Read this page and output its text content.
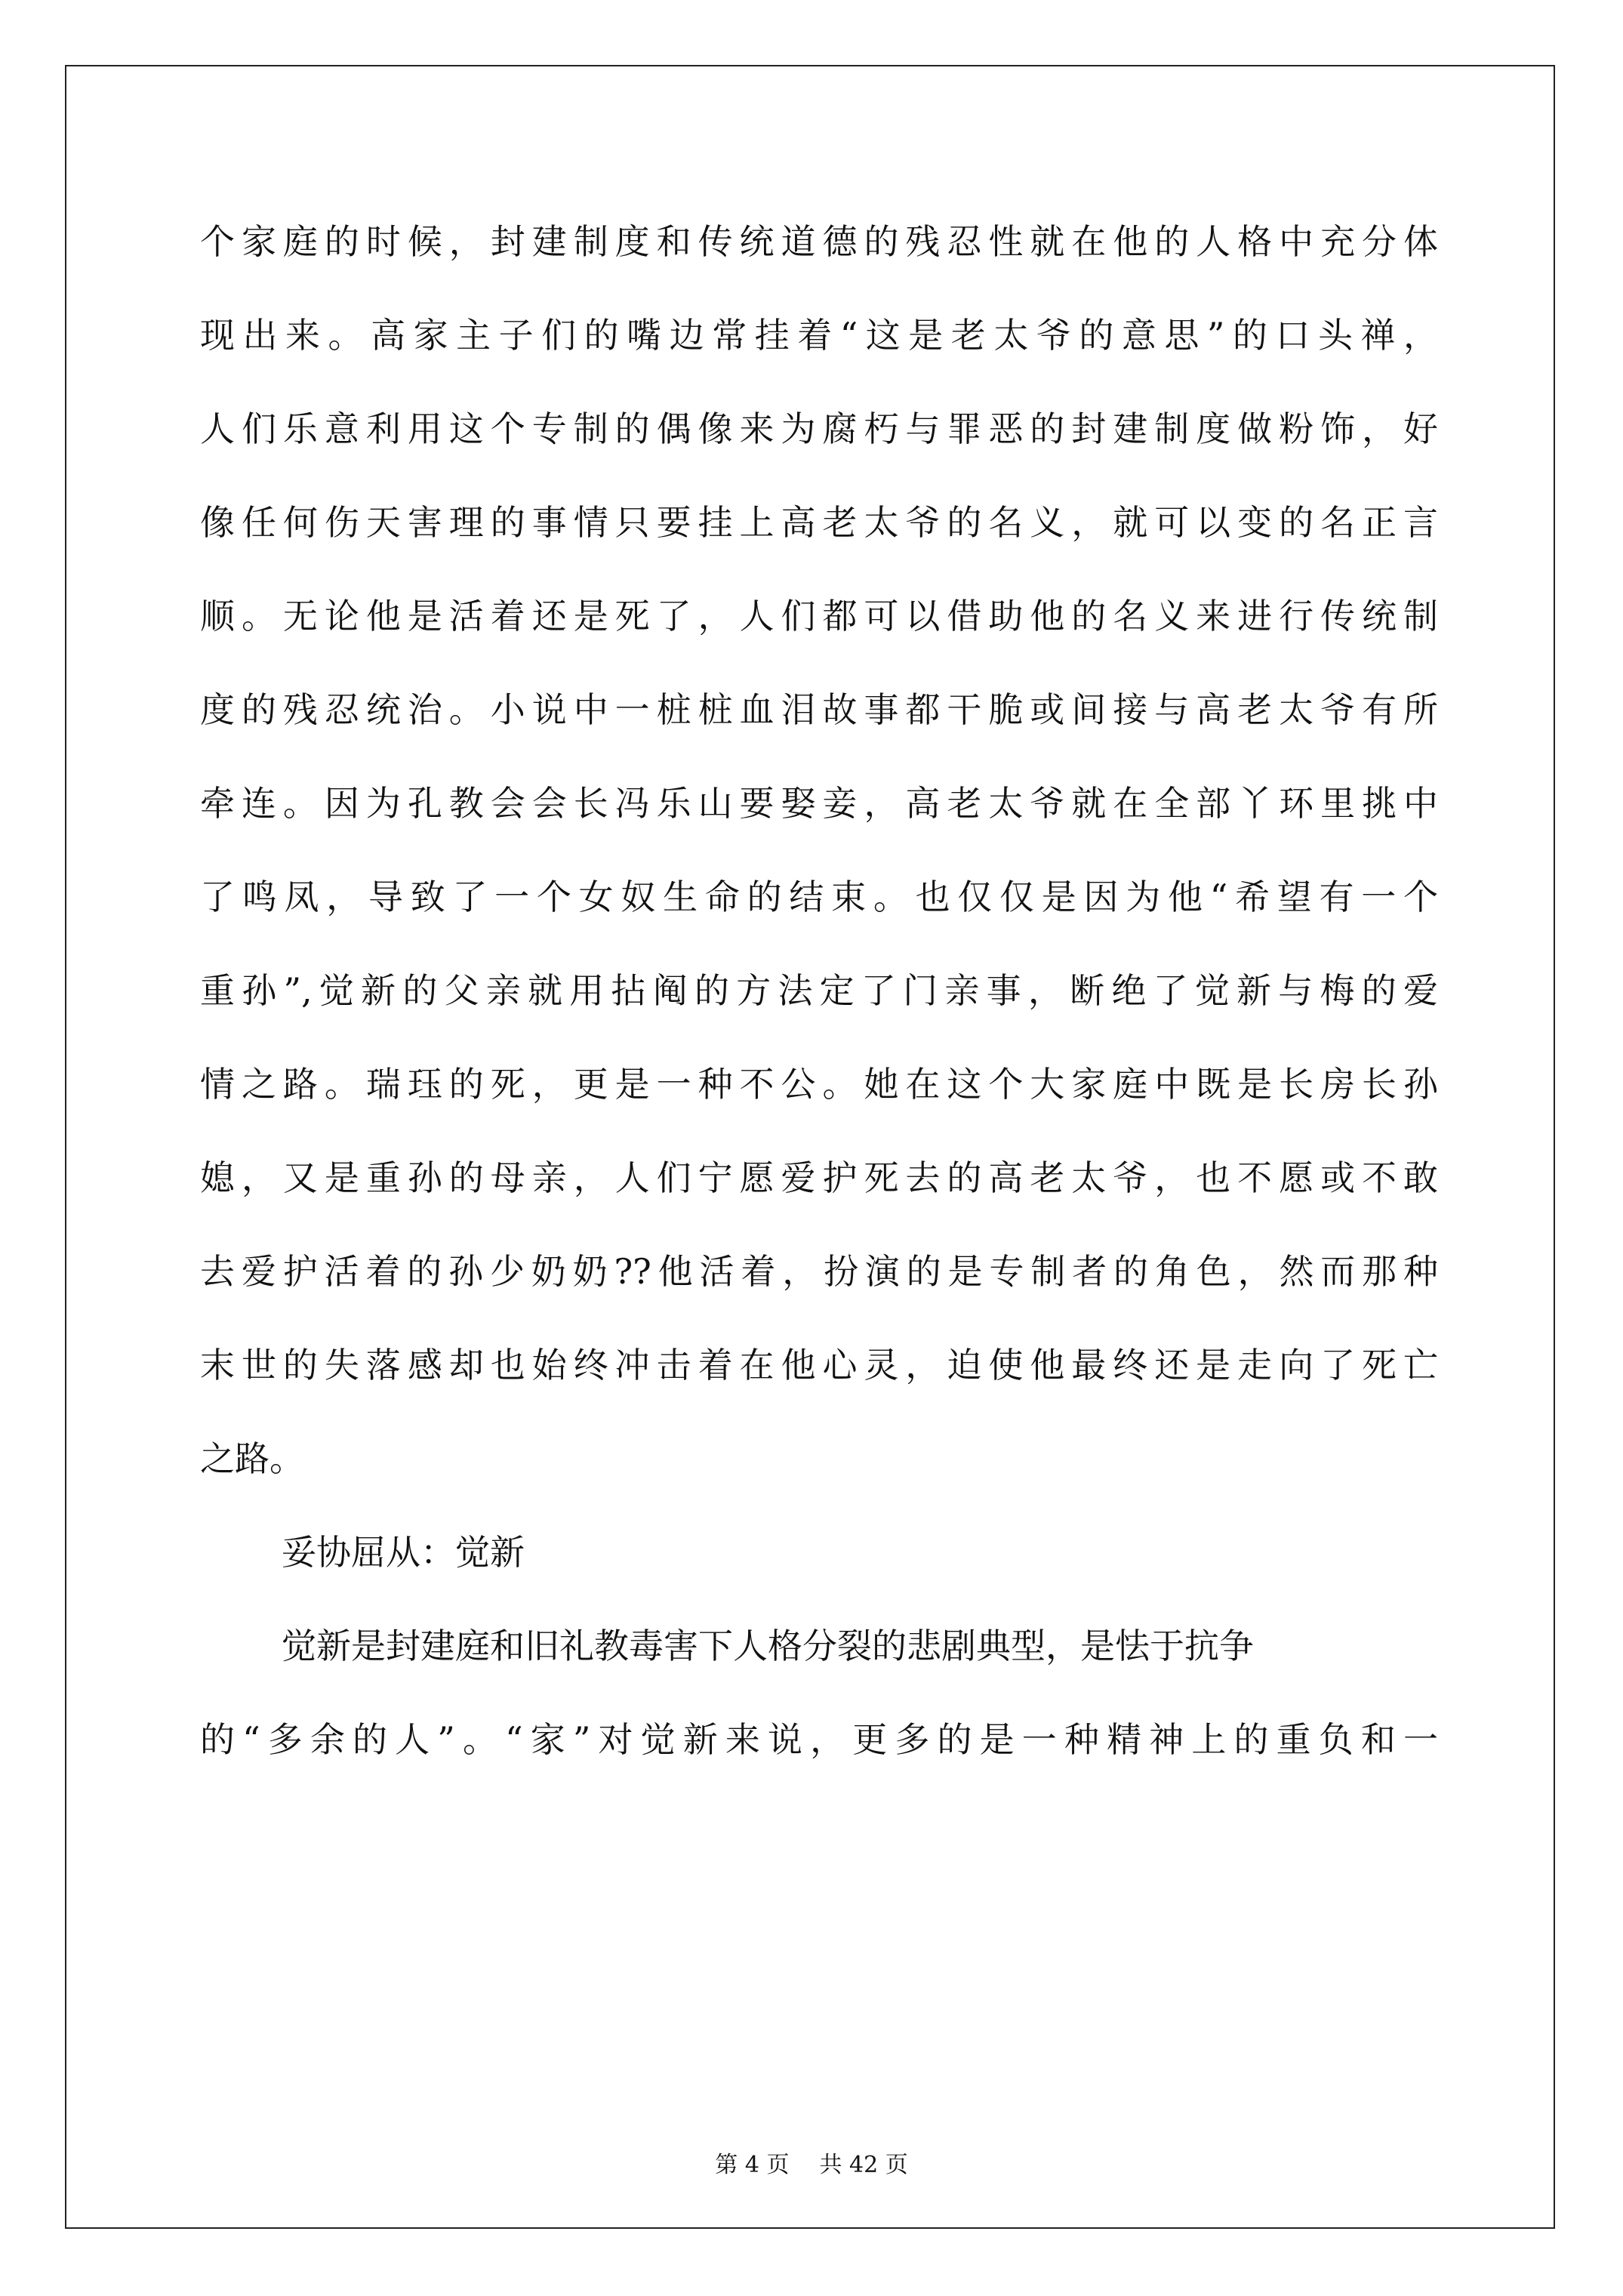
个家庭的时候，封建制度和传统道德的残忍性就在他的人格中充分体
现出来。高家主子们的嘴边常挂着“这是老太爷的意思”的口头禅，
人们乐意利用这个专制的偶像来为腐朽与罪恶的封建制度做粉饰，好
像任何伤天害理的事情只要挂上高老太爷的名义，就可以变的名正言
顺。无论他是活着还是死了，人们都可以借助他的名义来进行传统制
度的残忍统治。小说中一桩桩血泪故事都干脆或间接与高老太爷有所
牵连。因为孔教会会长冯乐山要娶妾，高老太爷就在全部丫环里挑中
了鸣凤，导致了一个女奴生命的结束。也仅仅是因为他“希望有一个
重孙”,觉新的父亲就用拈阄的方法定了门亲事，断绝了觉新与梅的爱
情之路。瑞珏的死，更是一种不公。她在这个大家庭中既是长房长孙
媳，又是重孙的母亲，人们宁愿爱护死去的高老太爷，也不愿或不敢
去爱护活着的孙少奶奶??他活着，扮演的是专制者的角色，然而那种
末世的失落感却也始终冲击着在他心灵，迫使他最终还是走向了死亡
之路。
妥协屈从：觉新
觉新是封建庭和旧礼教毒害下人格分裂的悲剧典型，是怯于抗争
的“多余的人”。“家”对觉新来说，更多的是一种精神上的重负和一
第 4 页 共 42 页
